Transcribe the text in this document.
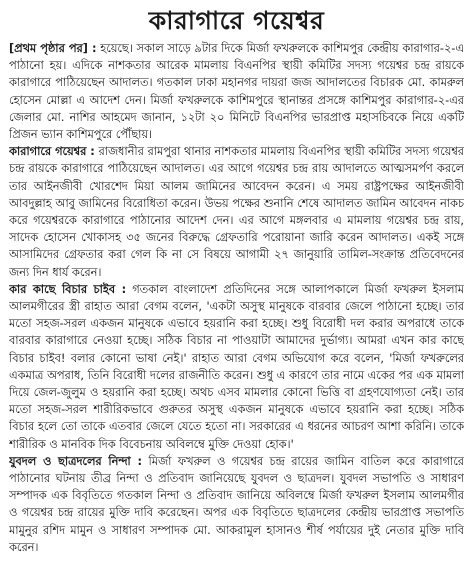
কারাগারে গয়েশ্বর
[প্রথম পৃষ্ঠার পর] : হয়েছে। সকাল সাড়ে ৯টার দিকে মির্জা ফখরুলকে কাশিমপুর কেন্দ্রীয় কারাগার-২-এ পাঠানো হয়। এদিকে নাশকতার আরেক মামলায় বিএনপির স্থায়ী কমিটির সদস্য গয়েশ্বর চন্দ্র রায়কে কারাগারে পাঠিয়েছেন আদালত। গতকাল ঢাকা মহানগর দায়রা জজ আদালতের বিচারক মো. কামরুল হোসেন মোল্লা এ আদেশ দেন। মির্জা ফখরুলকে কাশিমপুরে স্থানান্তর প্রসঙ্গে কাশিমপুর কারাগার-২-এর জেলার মো. নাশির আহমেদ জানান, ১২টা ২০ মিনিটে বিএনপির ভারপ্রাপ্ত মহাসচিবকে নিয়ে একটি প্রিজন ভ্যান কাশিমপুরে পৌঁছায়।
কারাগারে গয়েশ্বর : রাজধানীর রামপুরা থানার নাশকতার মামলায় বিএনপির স্থায়ী কমিটির সদস্য গয়েশ্বর চন্দ্র রায়কে কারাগারে পাঠিয়েছেন আদালত। এর আগে গয়েশ্বর চন্দ্র রায় আদালতে আত্মসমর্পণ করলে তার আইনজীবী খোরশেদ মিয়া আলম জামিনের আবেদন করেন। এ সময় রাষ্ট্রপক্ষের আইনজীবী আবদুল্লাহ আবু জামিনের বিরোধিতা করেন। উভয় পক্ষের শুনানি শেষে আদালত জামিন আবেদন নাকচ করে গয়েশ্বরকে কারাগারে পাঠানোর আদেশ দেন। এর আগে মঙ্গলবার এ মামলায় গয়েশ্বর চন্দ্র রায়, সাদেক হোসেন খোকাসহ ৩৫ জনের বিরুদ্ধে গ্রেফতারি পরোয়ানা জারি করেন আদালত। একই সঙ্গে আসামিদের গ্রেফতার করা গেল কি না সে বিষয়ে আগামী ২৭ জানুয়ারি তামিল-সংক্রান্ত প্রতিবেদনের জন্য দিন ধার্য করেন।
কার কাছে বিচার চাইব : গতকাল বাংলাদেশ প্রতিদিনের সঙ্গে আলাপকালে মির্জা ফখরুল ইসলাম আলমগীরের স্ত্রী রাহাত আরা বেগম বলেন, 'একটা অসুস্থ মানুষকে বারবার জেলে পাঠানো হচ্ছে। তার মতো সহজ-সরল একজন মানুষকে এভাবে হয়রানি করা হচ্ছে। শুধু বিরোধী দল করার অপরাধে তাকে বারবার কারাগারে নেওয়া হচ্ছে। সঠিক বিচার না পাওয়াটা আমাদের দুর্ভাগ্য। আমরা এখন কার কাছে বিচার চাইব! বলার কোনো ভাষা নেই।' রাহাত আরা বেগম অভিযোগ করে বলেন, 'মির্জা ফখরুলের একমাত্র অপরাধ, তিনি বিরোধী দলের রাজনীতি করেন। শুধু এ কারণে তার নামে একের পর এক মামলা দিয়ে জেল-জুলুম ও হয়রানি করা হচ্ছে। অথচ এসব মামলার কোনো ভিত্তি বা গ্রহণযোগ্যতা নেই। তার মতো সহজ-সরল শারীরিকভাবে গুরুতর অসুস্থ একজন মানুষকে এভাবে হয়রানি করা হচ্ছে। সঠিক বিচার হলে তো তাকে এতবার জেলে যেতে হতো না। সরকারের এ ধরনের আচরণ আশা করিনি। তাকে শারীরিক ও মানবিক দিক বিবেচনায় অবিলম্বে মুক্তি দেওয়া হোক।'
যুবদল ও ছাত্রদলের নিন্দা : মির্জা ফখরুল ও গয়েশ্বর চন্দ্র রায়ের জামিন বাতিল করে কারাগারে পাঠানোর ঘটনায় তীব্র নিন্দা ও প্রতিবাদ জানিয়েছে যুবদল ও ছাত্রদল। যুবদল সভাপতি ও সাধারণ সম্পাদক এক বিবৃতিতে গতকাল নিন্দা ও প্রতিবাদ জানিয়ে অবিলম্বে মির্জা ফখরুল ইসলাম আলমগীর ও গয়েশ্বর চন্দ্র রায়ের মুক্তি দাবি করেছেন। অপর এক বিবৃতিতে ছাত্রদলের কেন্দ্রীয় ভারপ্রাপ্ত সভাপতি মামুনুর রশিদ মামুন ও সাধারণ সম্পাদক মো. আকরামুল হাসানও শীর্ষ পর্যায়ের দুই নেতার মুক্তি দাবি করেন।
